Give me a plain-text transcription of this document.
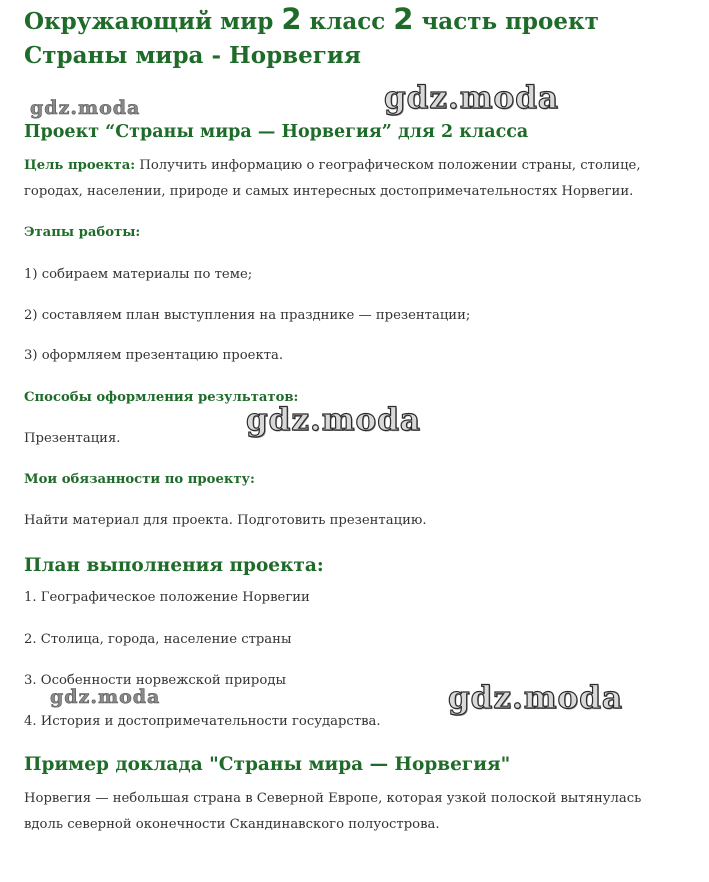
Окружающий мир 2 класс 2 часть проект Страны мира - Норвегия
gdz.moda	gdz.moda
Проект “Страны мира — Норвегия” для 2 класса

Цель проекта: Получить информацию о географическом положении страны, столице, городах, населении, природе и самых интересных достопримечательностях Норвегии.

Этапы работы:
1) собираем материалы по теме;
2) составляем план выступления на празднике — презентации;
3) оформляем презентацию проекта.
Способы оформления результатов:
Презентация.
gdz.moda
Мои обязанности по проекту:
Найти материал для проекта. Подготовить презентацию.
План выполнения проекта:
1. Географическое положение Норвегии
2. Столица, города, население страны
3. Особенности норвежской природы
4. История и достопримечательности государства.
gdz.moda	gdz.moda
Пример доклада "Страны мира — Норвегия"

Норвегия — небольшая страна в Северной Европе, которая узкой полоской вытянулась вдоль северной оконечности Скандинавского полуострова.
